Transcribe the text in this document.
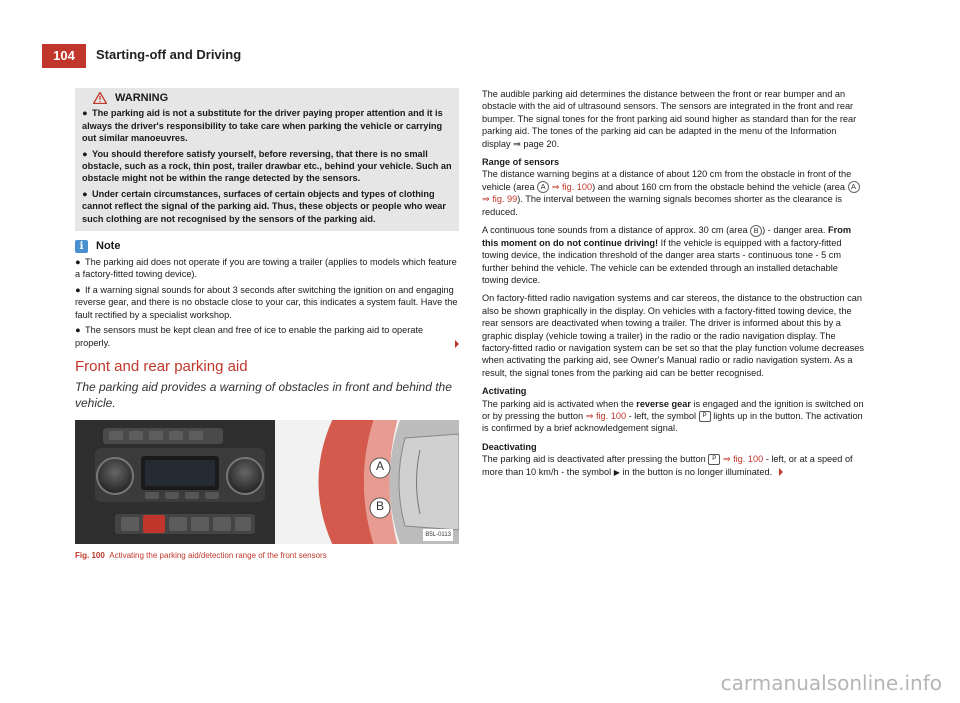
104	Starting-off and Driving
WARNING
● The parking aid is not a substitute for the driver paying proper attention and it is always the driver's responsibility to take care when parking the vehicle or carrying out similar manoeuvres.
● You should therefore satisfy yourself, before reversing, that there is no small obstacle, such as a rock, thin post, trailer drawbar etc., behind your vehicle. Such an obstacle might not be within the range detected by the sensors.
● Under certain circumstances, surfaces of certain objects and types of clothing cannot reflect the signal of the parking aid. Thus, these objects or people who wear such clothing are not recognised by the sensors of the parking aid.
i	Note
● The parking aid does not operate if you are towing a trailer (applies to models which feature a factory-fitted towing device).
● If a warning signal sounds for about 3 seconds after switching the ignition on and engaging reverse gear, and there is no obstacle close to your car, this indicates a system fault. Have the fault rectified by a specialist workshop.
● The sensors must be kept clean and free of ice to enable the parking aid to operate properly.
Front and rear parking aid
The parking aid provides a warning of obstacles in front and behind the vehicle.
A
B
B5L-0113
Fig. 100 Activating the parking aid/detection range of the front sensors
The audible parking aid determines the distance between the front or rear bumper and an obstacle with the aid of ultrasound sensors. The sensors are integrated in the front and rear bumper. The signal tones for the front parking aid sound higher as standard than for the rear parking aid. The tones of the parking aid can be adapted in the menu of the Information display ⇒ page 20.
Range of sensors
The distance warning begins at a distance of about 120 cm from the obstacle in front of the vehicle (area A ⇒ fig. 100) and about 160 cm from the obstacle behind the vehicle (area A ⇒ fig. 99). The interval between the warning signals becomes shorter as the clearance is reduced.
A continuous tone sounds from a distance of approx. 30 cm (area B ) - danger area. From this moment on do not continue driving! If the vehicle is equipped with a factory-fitted towing device, the indication threshold of the danger area starts - continuous tone - 5 cm further behind the vehicle. The vehicle can be extended through an installed detachable towing device.
On factory-fitted radio navigation systems and car stereos, the distance to the obstruction can also be shown graphically in the display. On vehicles with a factory-fitted towing device, the rear sensors are deactivated when towing a trailer. The driver is informed about this by a graphic display (vehicle towing a trailer) in the radio or the radio navigation display. The factory-fitted radio or navigation system can be set so that the play function volume decreases when activating the parking aid, see Owner's Manual radio or radio navigation system. As a result, the signal tones from the parking aid can be better recognised.
Activating
The parking aid is activated when the reverse gear is engaged and the ignition is switched on or by pressing the button ⇒ fig. 100 - left, the symbol P lights up in the button. The activation is confirmed by a brief acknowledgement signal.
Deactivating
The parking aid is deactivated after pressing the button P ⇒ fig. 100 - left, or at a speed of more than 10 km/h - the symbol ▶ in the button is no longer illuminated.
carmanualsonline.info
